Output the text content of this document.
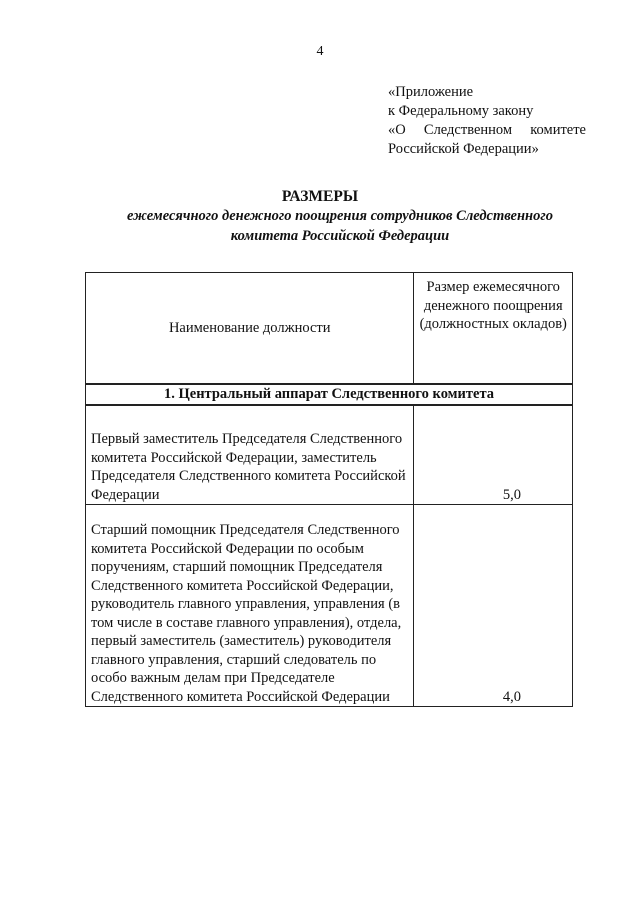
4
«Приложение
к Федеральному закону
«О Следственном комитете
Российской Федерации»
РАЗМЕРЫ
ежемесячного денежного поощрения сотрудников Следственного комитета Российской Федерации
Наименование должности	Размер ежемесячного денежного поощрения (должностных окладов)
1. Центральный аппарат Следственного комитета	
Первый заместитель Председателя Следственного комитета Российской Федерации, заместитель Председателя Следственного комитета Российской Федерации	5,0
Старший помощник Председателя Следственного комитета Российской Федерации по особым поручениям, старший помощник Председателя Следственного комитета Российской Федерации, руководитель главного управления, управления (в том числе в составе главного управления), отдела, первый заместитель (заместитель) руководителя главного управления, старший следователь по особо важным делам при Председателе Следственного комитета Российской Федерации	4,0
